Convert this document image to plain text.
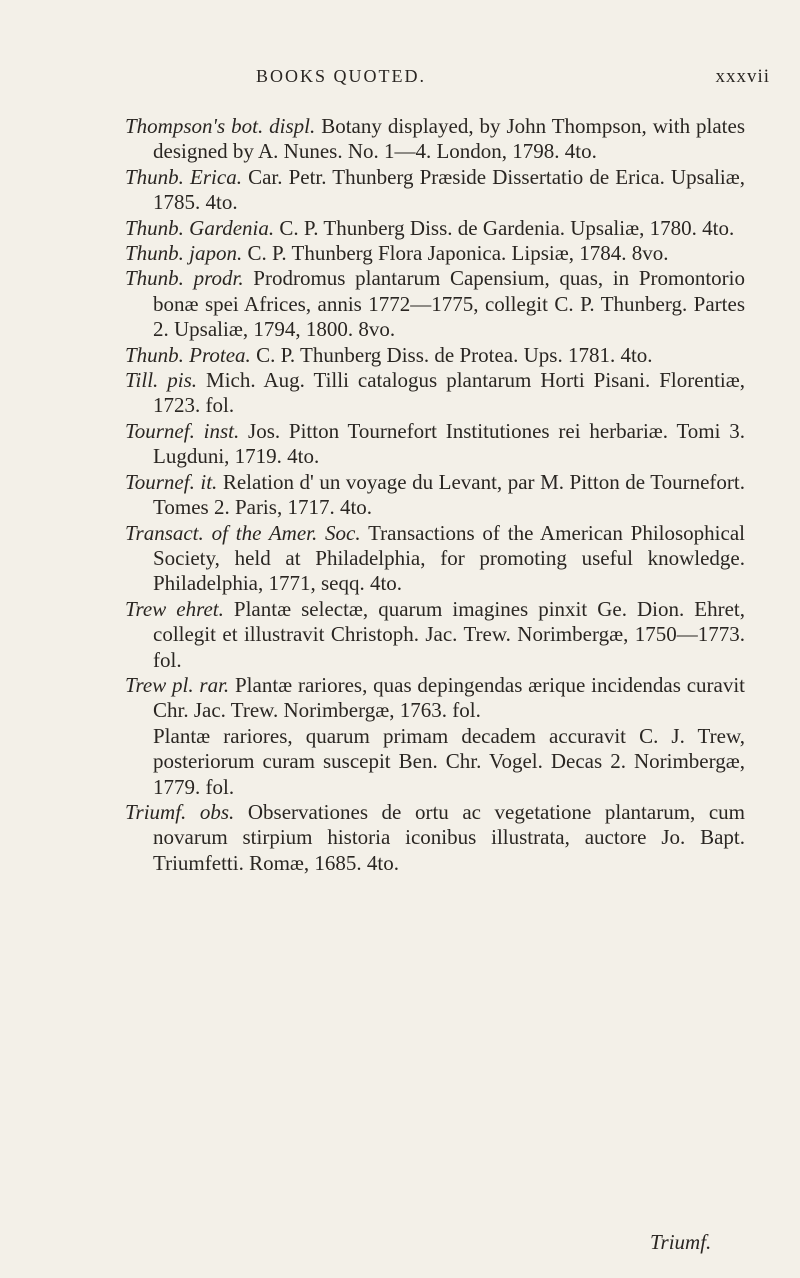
BOOKS QUOTED.	xxxvii
Thompson's bot. displ. Botany displayed, by John Thompson, with plates designed by A. Nunes. No. 1—4. London, 1798. 4to.
Thunb. Erica. Car. Petr. Thunberg Præside Dissertatio de Erica. Upsaliæ, 1785. 4to.
Thunb. Gardenia. C. P. Thunberg Diss. de Gardenia. Upsaliæ, 1780. 4to.
Thunb. japon. C. P. Thunberg Flora Japonica. Lipsiæ, 1784. 8vo.
Thunb. prodr. Prodromus plantarum Capensium, quas, in Promontorio bonæ spei Africes, annis 1772—1775, collegit C. P. Thunberg. Partes 2. Upsaliæ, 1794, 1800. 8vo.
Thunb. Protea. C. P. Thunberg Diss. de Protea. Ups. 1781. 4to.
Till. pis. Mich. Aug. Tilli catalogus plantarum Horti Pisani. Florentiæ, 1723. fol.
Tournef. inst. Jos. Pitton Tournefort Institutiones rei herbariæ. Tomi 3. Lugduni, 1719. 4to.
Tournef. it. Relation d' un voyage du Levant, par M. Pitton de Tournefort. Tomes 2. Paris, 1717. 4to.
Transact. of the Amer. Soc. Transactions of the American Philosophical Society, held at Philadelphia, for promoting useful knowledge. Philadelphia, 1771, seqq. 4to.
Trew ehret. Plantæ selectæ, quarum imagines pinxit Ge. Dion. Ehret, collegit et illustravit Christoph. Jac. Trew. Norimbergæ, 1750—1773. fol.
Trew pl. rar. Plantæ rariores, quas depingendas ærique incidendas curavit Chr. Jac. Trew. Norimbergæ, 1763. fol.
Plantæ rariores, quarum primam decadem accuravit C. J. Trew, posteriorum curam suscepit Ben. Chr. Vogel. Decas 2. Norimbergæ, 1779. fol.
Triumf. obs. Observationes de ortu ac vegetatione plantarum, cum novarum stirpium historia iconibus illustrata, auctore Jo. Bapt. Triumfetti. Romæ, 1685. 4to.
Triumf.
